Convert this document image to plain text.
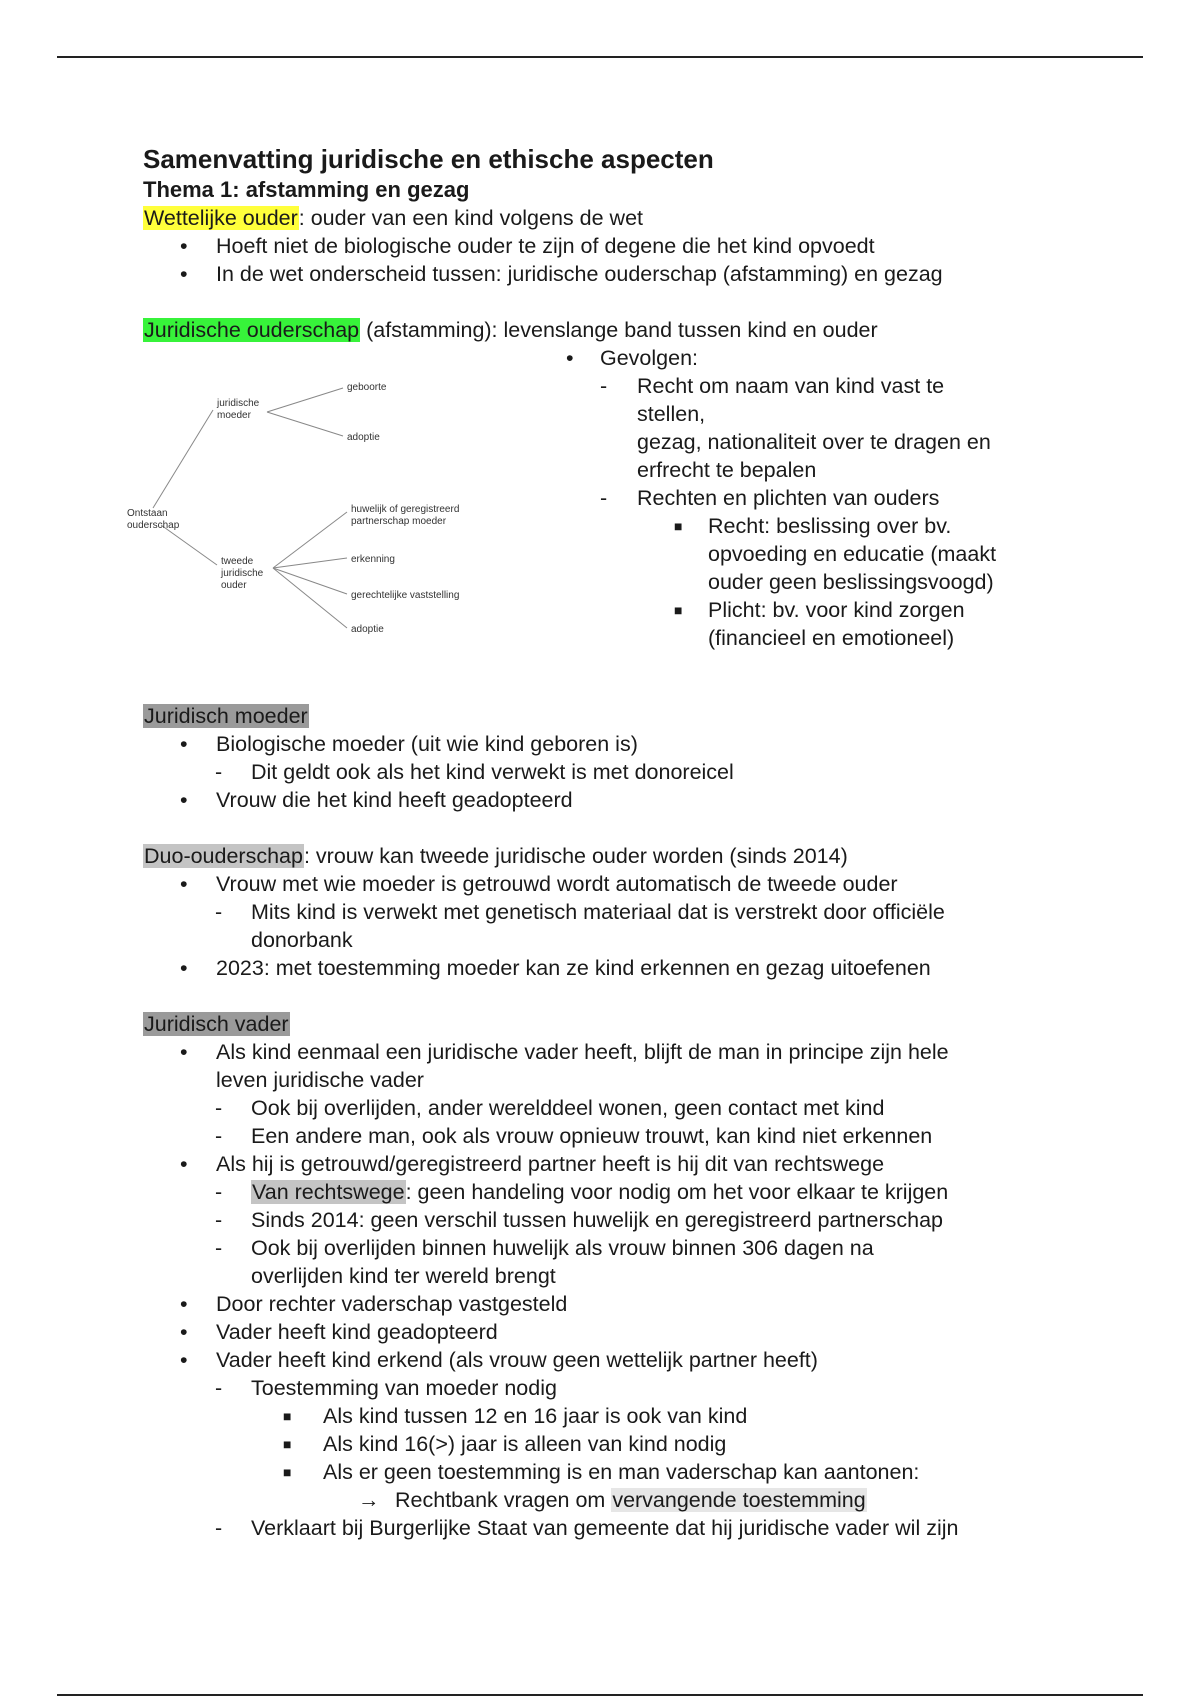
Samenvatting juridische en ethische aspecten
Thema 1: afstamming en gezag
Wettelijke ouder: ouder van een kind volgens de wet
• Hoeft niet de biologische ouder te zijn of degene die het kind opvoedt
• In de wet onderscheid tussen: juridische ouderschap (afstamming) en gezag
Juridische ouderschap (afstamming): levenslange band tussen kind en ouder
Ontstaan
ouderschap
juridische
moeder
tweede
juridische
ouder
geboorte
adoptie
huwelijk of geregistreerd
partnerschap moeder
erkenning
gerechtelijke vaststelling
adoptie
• Gevolgen:
- Recht om naam van kind vast te
stellen,
gezag, nationaliteit over te dragen en
erfrecht te bepalen
- Rechten en plichten van ouders
■ Recht: beslissing over bv.
opvoeding en educatie (maakt
ouder geen beslissingsvoogd)
■ Plicht: bv. voor kind zorgen
(financieel en emotioneel)
Juridisch moeder
• Biologische moeder (uit wie kind geboren is)
- Dit geldt ook als het kind verwekt is met donoreicel
• Vrouw die het kind heeft geadopteerd
Duo-ouderschap: vrouw kan tweede juridische ouder worden (sinds 2014)
• Vrouw met wie moeder is getrouwd wordt automatisch de tweede ouder
- Mits kind is verwekt met genetisch materiaal dat is verstrekt door officiële
donorbank
• 2023: met toestemming moeder kan ze kind erkennen en gezag uitoefenen
Juridisch vader
• Als kind eenmaal een juridische vader heeft, blijft de man in principe zijn hele
leven juridische vader
- Ook bij overlijden, ander werelddeel wonen, geen contact met kind
- Een andere man, ook als vrouw opnieuw trouwt, kan kind niet erkennen
• Als hij is getrouwd/geregistreerd partner heeft is hij dit van rechtswege
- Van rechtswege: geen handeling voor nodig om het voor elkaar te krijgen
- Sinds 2014: geen verschil tussen huwelijk en geregistreerd partnerschap
- Ook bij overlijden binnen huwelijk als vrouw binnen 306 dagen na
overlijden kind ter wereld brengt
• Door rechter vaderschap vastgesteld
• Vader heeft kind geadopteerd
• Vader heeft kind erkend (als vrouw geen wettelijk partner heeft)
- Toestemming van moeder nodig
■ Als kind tussen 12 en 16 jaar is ook van kind
■ Als kind 16(>) jaar is alleen van kind nodig
■ Als er geen toestemming is en man vaderschap kan aantonen:
→ Rechtbank vragen om vervangende toestemming
- Verklaart bij Burgerlijke Staat van gemeente dat hij juridische vader wil zijn
